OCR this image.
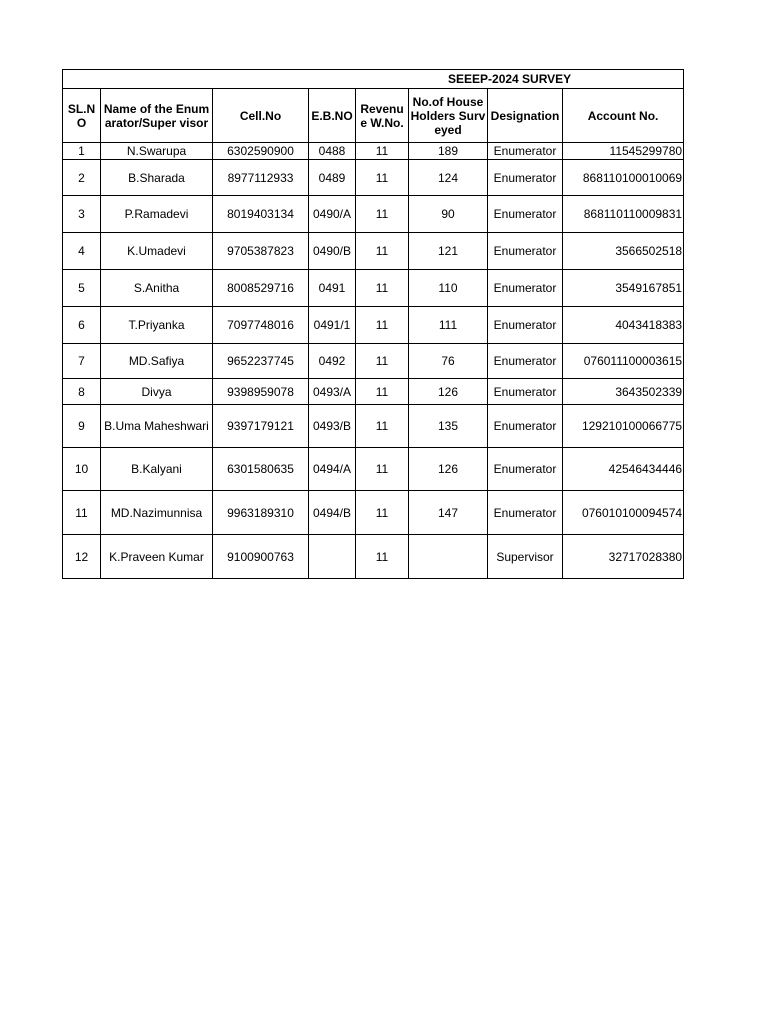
SEEEP-2024 SURVEY							
SL.NO	Name of the Enumarator/Super visor	Cell.No	E.B.NO	Revenue W.No.	No.of House Holders Surveyed	Designation	Account No.
1	N.Swarupa	6302590900	0488	11	189	Enumerator	11545299780
2	B.Sharada	8977112933	0489	11	124	Enumerator	868110100010069
3	P.Ramadevi	8019403134	0490/A	11	90	Enumerator	868110110009831
4	K.Umadevi	9705387823	0490/B	11	121	Enumerator	3566502518
5	S.Anitha	8008529716	0491	11	110	Enumerator	3549167851
6	T.Priyanka	7097748016	0491/1	11	111	Enumerator	4043418383
7	MD.Safiya	9652237745	0492	11	76	Enumerator	076011100003615
8	Divya	9398959078	0493/A	11	126	Enumerator	3643502339
9	B.Uma Maheshwari	9397179121	0493/B	11	135	Enumerator	129210100066775
10	B.Kalyani	6301580635	0494/A	11	126	Enumerator	42546434446
11	MD.Nazimunnisa	9963189310	0494/B	11	147	Enumerator	076010100094574
12	K.Praveen Kumar	9100900763		11		Supervisor	32717028380
